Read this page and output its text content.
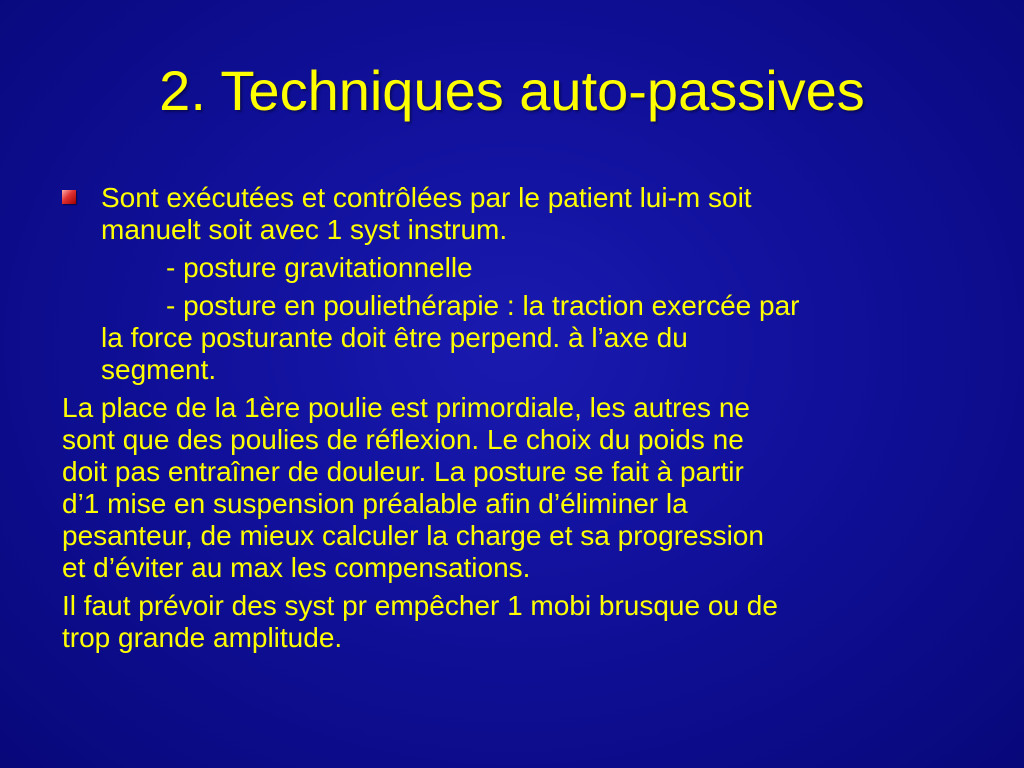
2. Techniques auto-passives
Sont exécutées et contrôlées par le patient lui-m soit
manuelt soit avec 1 syst instrum.
- posture gravitationnelle
- posture en pouliethérapie : la traction exercée par
la force posturante doit être perpend. à l’axe du
segment.
La place de la 1ère poulie est primordiale, les autres ne
sont que des poulies de réflexion. Le choix du poids ne
doit pas entraîner de douleur. La posture se fait à partir
d’1 mise en suspension préalable afin d’éliminer la
pesanteur, de mieux calculer la charge et sa progression
et d’éviter au max les compensations.
Il faut prévoir des syst pr empêcher 1 mobi brusque ou de
trop grande amplitude.
